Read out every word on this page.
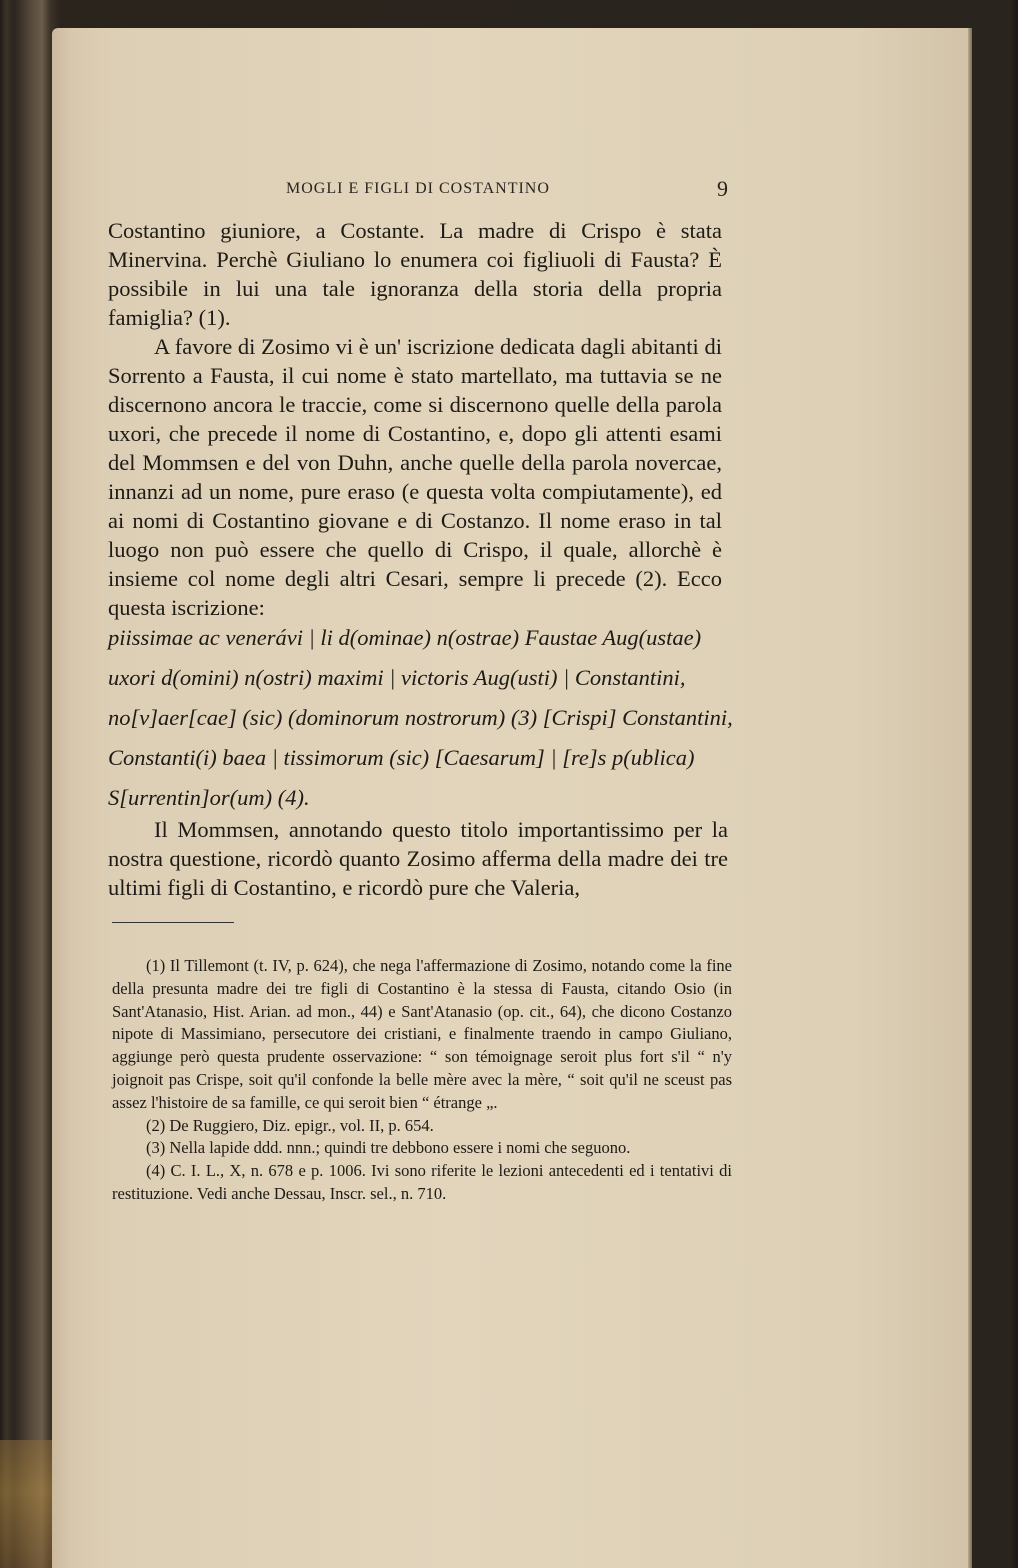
MOGLI E FIGLI DI COSTANTINO	9

Costantino giuniore, a Costante. La madre di Crispo è stata Minervina. Perchè Giuliano lo enumera coi figliuoli di Fausta? È possibile in lui una tale ignoranza della storia della propria famiglia? (1).

A favore di Zosimo vi è un' iscrizione dedicata dagli abitanti di Sorrento a Fausta, il cui nome è stato martellato, ma tuttavia se ne discernono ancora le traccie, come si discernono quelle della parola uxori, che precede il nome di Costantino, e, dopo gli attenti esami del Mommsen e del von Duhn, anche quelle della parola novercae, innanzi ad un nome, pure eraso (e questa volta compiutamente), ed ai nomi di Costantino giovane e di Costanzo. Il nome eraso in tal luogo non può essere che quello di Crispo, il quale, allorchè è insieme col nome degli altri Cesari, sempre li precede (2). Ecco questa iscrizione:

piissimae ac venerávi | li d(ominae) n(ostrae) Faustae Aug(ustae)
uxori d(omini) n(ostri) maximi | victoris Aug(usti) | Constantini,
no[v]aer[cae] (sic) (dominorum nostrorum) (3) [Crispi] Constantini,
Constanti(i) baea | tissimorum (sic) [Caesarum] | [re]s p(ublica)
S[urrentin]or(um) (4).

Il Mommsen, annotando questo titolo importantissimo per la nostra questione, ricordò quanto Zosimo afferma della madre dei tre ultimi figli di Costantino, e ricordò pure che Valeria,

(1) Il Tillemont (t. IV, p. 624), che nega l'affermazione di Zosimo, notando come la fine della presunta madre dei tre figli di Costantino è la stessa di Fausta, citando Osio (in Sant'Atanasio, Hist. Arian. ad mon., 44) e Sant'Atanasio (op. cit., 64), che dicono Costanzo nipote di Massimiano, persecutore dei cristiani, e finalmente traendo in campo Giuliano, aggiunge però questa prudente osservazione: “ son témoignage seroit plus fort s'il “ n'y joignoit pas Crispe, soit qu'il confonde la belle mère avec la mère, “ soit qu'il ne sceust pas assez l'histoire de sa famille, ce qui seroit bien “ étrange „.

(2) De Ruggiero, Diz. epigr., vol. II, p. 654.

(3) Nella lapide ddd. nnn.; quindi tre debbono essere i nomi che seguono.

(4) C. I. L., X, n. 678 e p. 1006. Ivi sono riferite le lezioni antecedenti ed i tentativi di restituzione. Vedi anche Dessau, Inscr. sel., n. 710.
